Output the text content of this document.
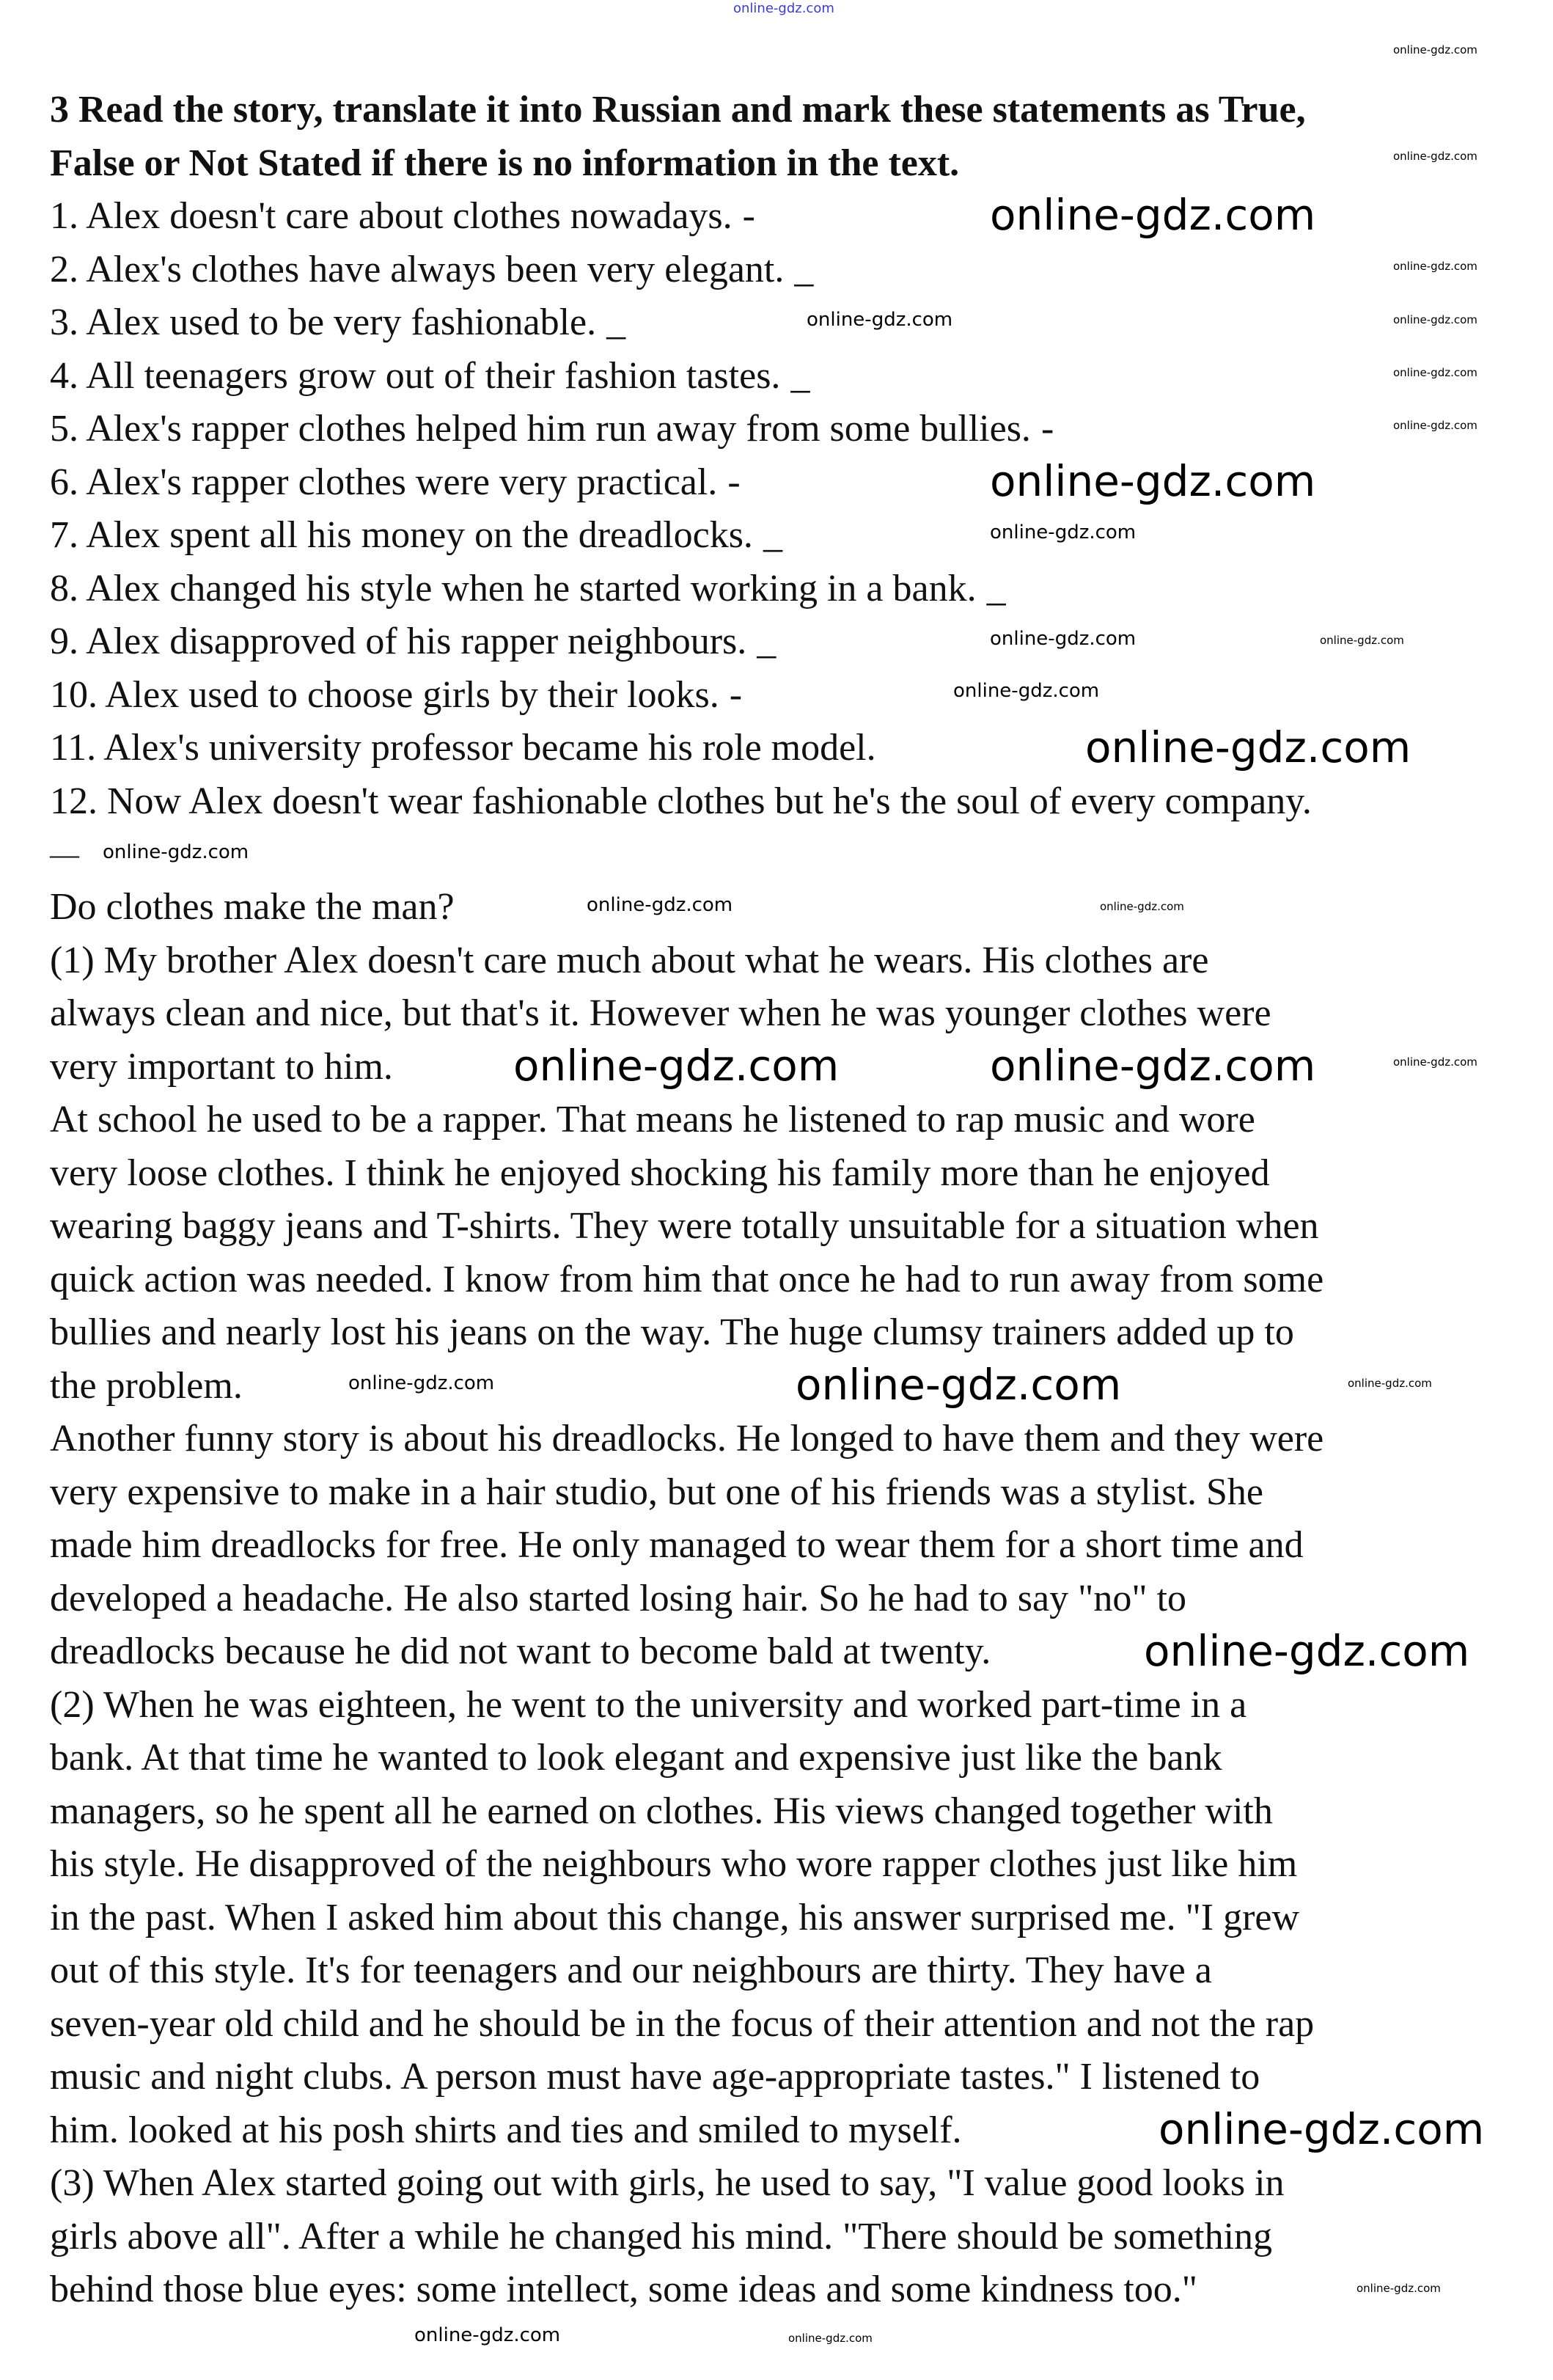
3 Read the story, translate it into Russian and mark these statements as True,
False or Not Stated if there is no information in the text.
1. Alex doesn't care about clothes nowadays. -
2. Alex's clothes have always been very elegant. _
3. Alex used to be very fashionable. _
4. All teenagers grow out of their fashion tastes. _
5. Alex's rapper clothes helped him run away from some bullies. -
6. Alex's rapper clothes were very practical. -
7. Alex spent all his money on the dreadlocks. _
8. Alex changed his style when he started working in a bank. _
9. Alex disapproved of his rapper neighbours. _
10. Alex used to choose girls by their looks. -
11. Alex's university professor became his role model.
12. Now Alex doesn't wear fashionable clothes but he's the soul of every company.
—
Do clothes make the man?
(1) My brother Alex doesn't care much about what he wears. His clothes are
always clean and nice, but that's it. However when he was younger clothes were
very important to him.
At school he used to be a rapper. That means he listened to rap music and wore
very loose clothes. I think he enjoyed shocking his family more than he enjoyed
wearing baggy jeans and T-shirts. They were totally unsuitable for a situation when
quick action was needed. I know from him that once he had to run away from some
bullies and nearly lost his jeans on the way. The huge clumsy trainers added up to
the problem.
Another funny story is about his dreadlocks. He longed to have them and they were
very expensive to make in a hair studio, but one of his friends was a stylist. She
made him dreadlocks for free. He only managed to wear them for a short time and
developed a headache. He also started losing hair. So he had to say "no" to
dreadlocks because he did not want to become bald at twenty.
(2) When he was eighteen, he went to the university and worked part-time in a
bank. At that time he wanted to look elegant and expensive just like the bank
managers, so he spent all he earned on clothes. His views changed together with
his style. He disapproved of the neighbours who wore rapper clothes just like him
in the past. When I asked him about this change, his answer surprised me. "I grew
out of this style. It's for teenagers and our neighbours are thirty. They have a
seven-year old child and he should be in the focus of their attention and not the rap
music and night clubs. A person must have age-appropriate tastes." I listened to
him. looked at his posh shirts and ties and smiled to myself.
(3) When Alex started going out with girls, he used to say, "I value good looks in
girls above all". After a while he changed his mind. "There should be something
behind those blue eyes: some intellect, some ideas and some kindness too."
online-gdz.com
online-gdz.com
online-gdz.com
online-gdz.com
online-gdz.com
online-gdz.com	online-gdz.com
online-gdz.com
online-gdz.com
online-gdz.com
online-gdz.com
online-gdz.com	online-gdz.com
online-gdz.com
online-gdz.com
online-gdz.com
online-gdz.com	online-gdz.com
online-gdz.com	online-gdz.com	online-gdz.com
online-gdz.com	online-gdz.com	online-gdz.com
online-gdz.com
online-gdz.com
online-gdz.com
online-gdz.com	online-gdz.com
